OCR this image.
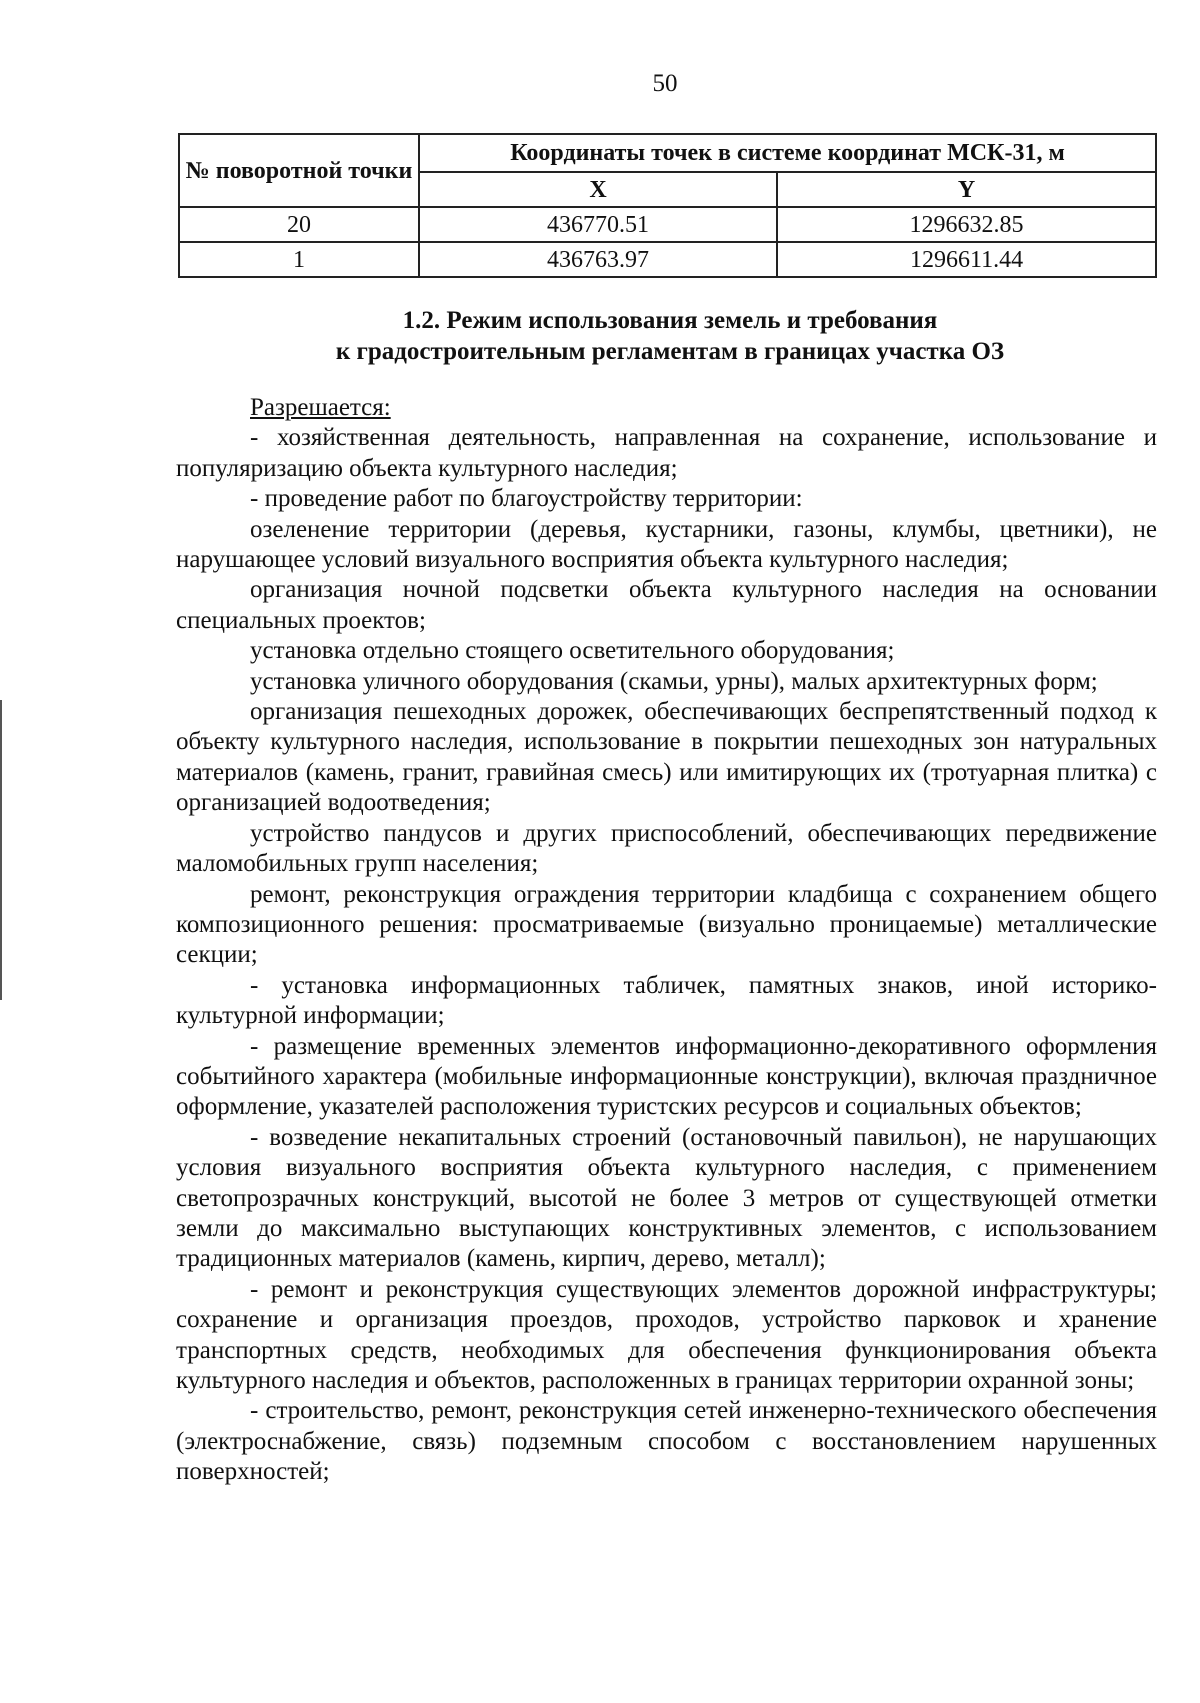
50
№ поворотной точки	Координаты точек в системе координат МСК-31, м	
	X	Y
20	436770.51	1296632.85
1	436763.97	1296611.44
1.2. Режим использования земель и требования
к градостроительным регламентам в границах участка ОЗ

Разрешается:

- хозяйственная деятельность, направленная на сохранение, использование и популяризацию объекта культурного наследия;

- проведение работ по благоустройству территории:

озеленение территории (деревья, кустарники, газоны, клумбы, цветники), не нарушающее условий визуального восприятия объекта культурного наследия;

организация ночной подсветки объекта культурного наследия на основании специальных проектов;

установка отдельно стоящего осветительного оборудования;

установка уличного оборудования (скамьи, урны), малых архитектурных форм;

организация пешеходных дорожек, обеспечивающих беспрепятственный подход к объекту культурного наследия, использование в покрытии пешеходных зон натуральных материалов (камень, гранит, гравийная смесь) или имитирующих их (тротуарная плитка) с организацией водоотведения;

устройство пандусов и других приспособлений, обеспечивающих передвижение маломобильных групп населения;

ремонт, реконструкция ограждения территории кладбища с сохранением общего композиционного решения: просматриваемые (визуально проницаемые) металлические секции;

- установка информационных табличек, памятных знаков, иной историко-культурной информации;

- размещение временных элементов информационно-декоративного оформления событийного характера (мобильные информационные конструкции), включая праздничное оформление, указателей расположения туристских ресурсов и социальных объектов;

- возведение некапитальных строений (остановочный павильон), не нарушающих условия визуального восприятия объекта культурного наследия, с применением светопрозрачных конструкций, высотой не более 3 метров от существующей отметки земли до максимально выступающих конструктивных элементов, с использованием традиционных материалов (камень, кирпич, дерево, металл);

- ремонт и реконструкция существующих элементов дорожной инфраструктуры; сохранение и организация проездов, проходов, устройство парковок и хранение транспортных средств, необходимых для обеспечения функционирования объекта культурного наследия и объектов, расположенных в границах территории охранной зоны;

- строительство, ремонт, реконструкция сетей инженерно-технического обеспечения (электроснабжение, связь) подземным способом с восстановлением нарушенных поверхностей;
